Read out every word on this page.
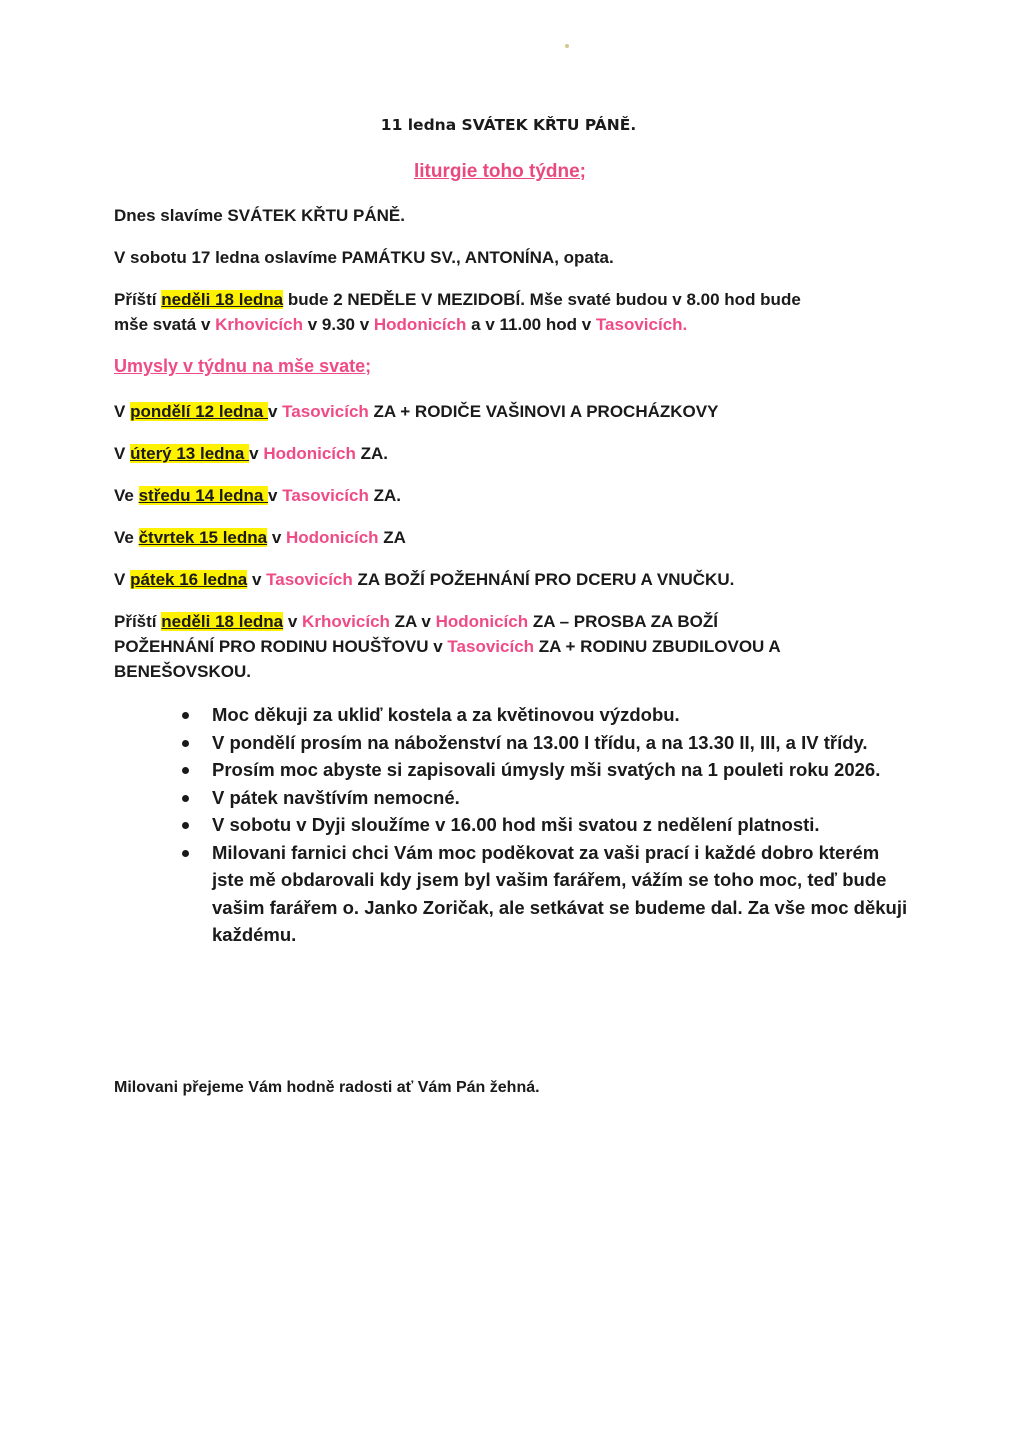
11 ledna SVÁTEK KŘTU PÁNĚ.
liturgie toho týdne;
Dnes slavíme SVÁTEK KŘTU PÁNĚ.
V sobotu 17 ledna oslavíme PAMÁTKU SV., ANTONÍNA, opata.
Příští neděli 18 ledna bude 2 NEDĚLE V MEZIDOBÍ. Mše svaté budou v 8.00 hod bude
mše svatá v Krhovicích v 9.30 v Hodonicích a v 11.00 hod v Tasovicích.
Umysly v týdnu na mše svate;
V pondělí 12 ledna v Tasovicích ZA + RODIČE VAŠINOVI A PROCHÁZKOVY
V úterý 13 ledna v Hodonicích ZA.
Ve středu 14 ledna v Tasovicích ZA.
Ve čtvrtek 15 ledna v Hodonicích ZA
V pátek 16 ledna v Tasovicích ZA BOŽÍ POŽEHNÁNÍ PRO DCERU A VNUČKU.
Příští neděli 18 ledna v Krhovicích ZA v Hodonicích ZA – PROSBA ZA BOŽÍ
POŽEHNÁNÍ PRO RODINU HOUŠŤOVU v Tasovicích ZA + RODINU ZBUDILOVOU A
BENEŠOVSKOU.
Moc děkuji za ukliď kostela a za květinovou výzdobu.
V pondělí prosím na náboženství na 13.00 I třídu, a na 13.30 II, III, a IV třídy.
Prosím moc abyste si zapisovali úmysly mši svatých na 1 pouleti roku 2026.
V pátek navštívím nemocné.
V sobotu v Dyji sloužíme v 16.00 hod mši svatou z nedělení platnosti.
Milovani farnici chci Vám moc poděkovat za vaši prací i každé dobro kterém jste mě obdarovali kdy jsem byl vašim farářem, vážím se toho moc, teď bude vašim farářem o. Janko Zoričak, ale setkávat se budeme dal. Za vše moc děkuji každému.
Milovani přejeme Vám hodně radosti ať Vám Pán žehná.
